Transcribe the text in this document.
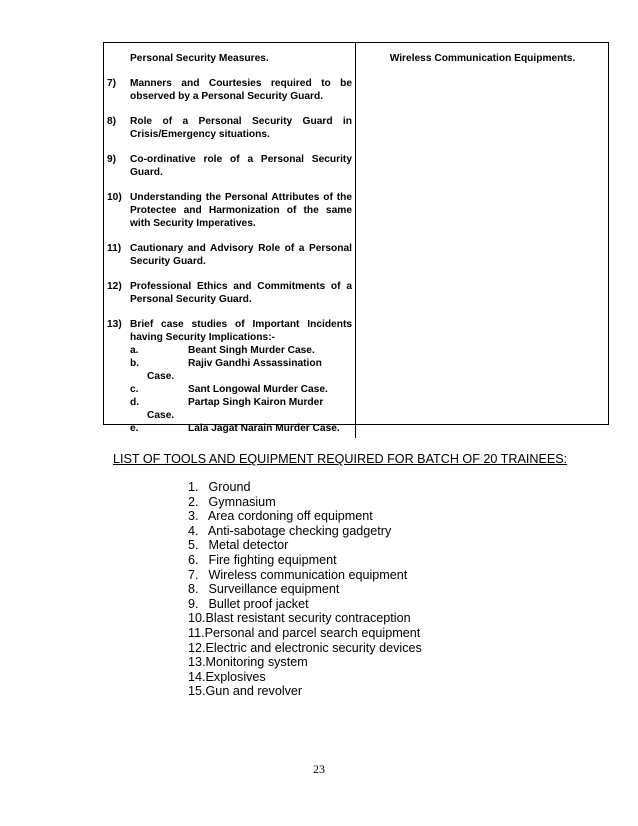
Personal Security Measures.
7) Manners and Courtesies required to be observed by a Personal Security Guard.
8) Role of a Personal Security Guard in Crisis/Emergency situations.
9) Co-ordinative role of a Personal Security Guard.
10) Understanding the Personal Attributes of the Protectee and Harmonization of the same with Security Imperatives.
11) Cautionary and Advisory Role of a Personal Security Guard.
12) Professional Ethics and Commitments of a Personal Security Guard.
13) Brief case studies of Important Incidents
having Security Implications:-
a.	Beant Singh Murder Case.
b.	Rajiv Gandhi Assassination
Case.
c.	Sant Longowal Murder Case.
d.	Partap Singh Kairon Murder
Case.
e.	Lala Jagat Narain Murder Case.
Wireless Communication Equipments.
LIST OF TOOLS AND EQUIPMENT REQUIRED FOR BATCH OF 20 TRAINEES:
1. Ground
2. Gymnasium
3. Area cordoning off equipment
4. Anti-sabotage checking gadgetry
5. Metal detector
6. Fire fighting equipment
7. Wireless communication equipment
8. Surveillance equipment
9. Bullet proof jacket
10.Blast resistant security contraception
11.Personal and parcel search equipment
12.Electric and electronic security devices
13.Monitoring system
14.Explosives
15.Gun and revolver
23
